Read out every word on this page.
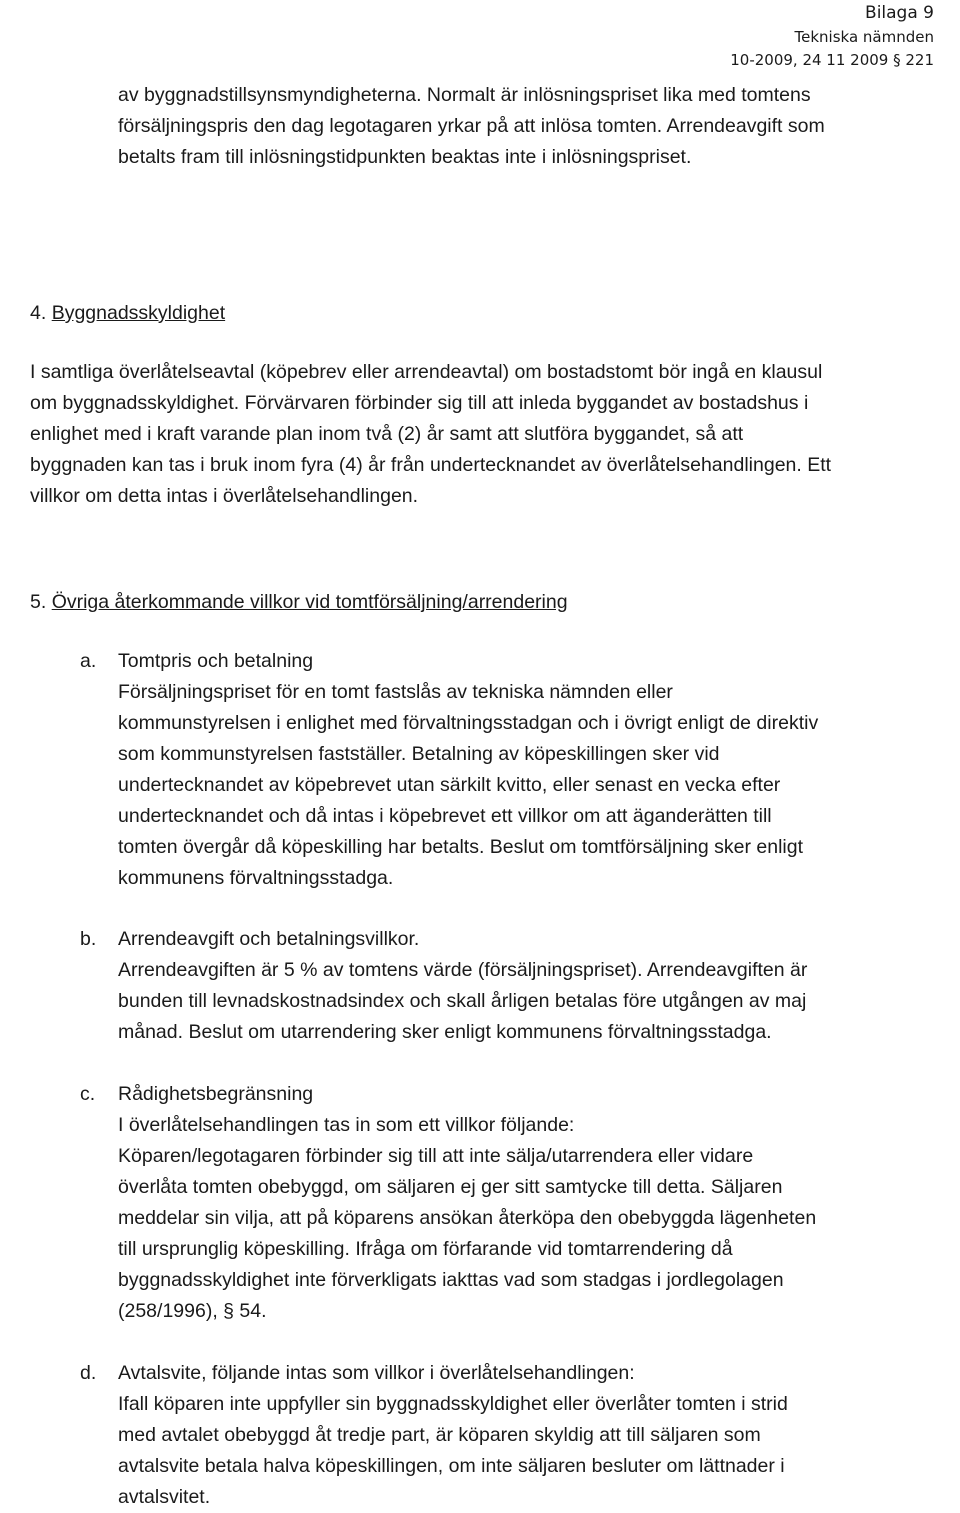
Bilaga 9
Tekniska nämnden
10-2009, 24 11 2009 § 221
av byggnadstillsynsmyndigheterna. Normalt är inlösningspriset lika med tomtens
försäljningspris den dag legotagaren yrkar på att inlösa tomten. Arrendeavgift som
betalts fram till inlösningstidpunkten beaktas inte i inlösningspriset.
4. Byggnadsskyldighet
I samtliga överlåtelseavtal (köpebrev eller arrendeavtal) om bostadstomt bör ingå en klausul
om byggnadsskyldighet. Förvärvaren förbinder sig till att inleda byggandet av bostadshus i
enlighet med i kraft varande plan inom två (2) år samt att slutföra byggandet, så att
byggnaden kan tas i bruk inom fyra (4) år från undertecknandet av överlåtelsehandlingen. Ett
villkor om detta intas i överlåtelsehandlingen.
5. Övriga återkommande villkor vid tomtförsäljning/arrendering
a. Tomtpris och betalning
Försäljningspriset för en tomt fastslås av tekniska nämnden eller
kommunstyrelsen i enlighet med förvaltningsstadgan och i övrigt enligt de direktiv
som kommunstyrelsen fastställer. Betalning av köpeskillingen sker vid
undertecknandet av köpebrevet utan särkilt kvitto, eller senast en vecka efter
undertecknandet och då intas i köpebrevet ett villkor om att äganderätten till
tomten övergår då köpeskilling har betalts. Beslut om tomtförsäljning sker enligt
kommunens förvaltningsstadga.
b. Arrendeavgift och betalningsvillkor.
Arrendeavgiften är 5 % av tomtens värde (försäljningspriset). Arrendeavgiften är
bunden till levnadskostnadsindex och skall årligen betalas före utgången av maj
månad. Beslut om utarrendering sker enligt kommunens förvaltningsstadga.
c. Rådighetsbegränsning
I överlåtelsehandlingen tas in som ett villkor följande:
Köparen/legotagaren förbinder sig till att inte sälja/utarrendera eller vidare
överlåta tomten obebyggd, om säljaren ej ger sitt samtycke till detta. Säljaren
meddelar sin vilja, att på köparens ansökan återköpa den obebyggda lägenheten
till ursprunglig köpeskilling. Ifråga om förfarande vid tomtarrendering då
byggnadsskyldighet inte förverkligats iakttas vad som stadgas i jordlegolagen
(258/1996), § 54.
d. Avtalsvite, följande intas som villkor i överlåtelsehandlingen:
Ifall köparen inte uppfyller sin byggnadsskyldighet eller överlåter tomten i strid
med avtalet obebyggd åt tredje part, är köparen skyldig att till säljaren som
avtalsvite betala halva köpeskillingen, om inte säljaren besluter om lättnader i
avtalsvitet.
